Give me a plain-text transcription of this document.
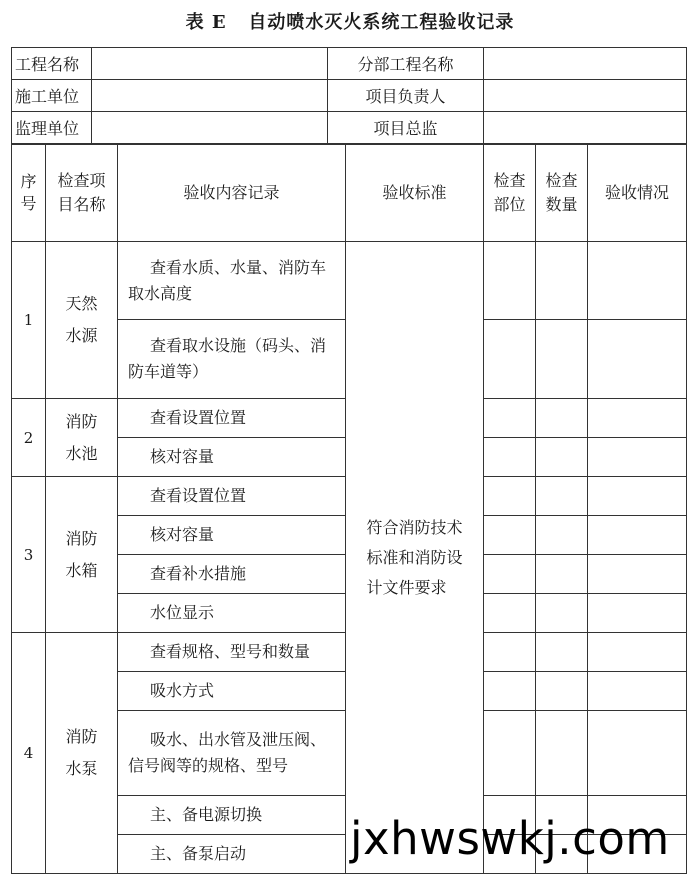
表 E 自动喷水灭火系统工程验收记录
工程名称		分部工程名称	
施工单位		项目负责人	
监理单位		项目总监	
序号	检查项目名称	验收内容记录	验收标准	检查部位	检查数量	验收情况
1	天然水源	查看水质、水量、消防车取水高度	符合消防技术标准和消防设计文件要求			

		查看取水设施（码头、消防车道等）				

2	消防水池	查看设置位置				

		核对容量				

3	消防水箱	查看设置位置				

		核对容量				

		查看补水措施				

		水位显示				

4	消防水泵	查看规格、型号和数量				

		吸水方式				

		吸水、出水管及泄压阀、信号阀等的规格、型号				

		主、备电源切换				

		主、备泵启动				
				jxhwswkj.com
